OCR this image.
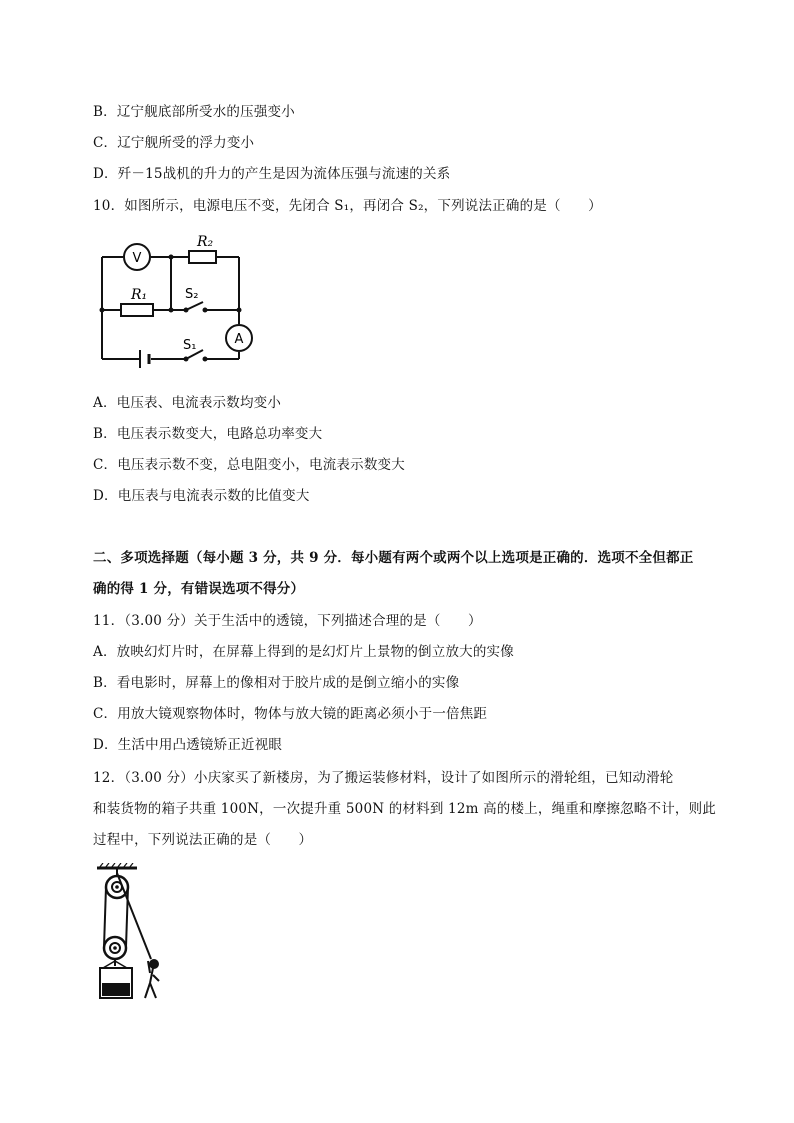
B．辽宁舰底部所受水的压强变小
C．辽宁舰所受的浮力变小
D．歼－15战机的升力的产生是因为流体压强与流速的关系
10．如图所示，电源电压不变，先闭合 S₁，再闭合 S₂，下列说法正确的是（　　）
V
R₂
R₁	S₂
A
S₁
A．电压表、电流表示数均变小
B．电压表示数变大，电路总功率变大
C．电压表示数不变，总电阻变小，电流表示数变大
D．电压表与电流表示数的比值变大
二、多项选择题（每小题 3 分，共 9 分．每小题有两个或两个以上选项是正确的．选项不全但都正
确的得 1 分，有错误选项不得分）
11．（3.00 分）关于生活中的透镜，下列描述合理的是（　　）
A．放映幻灯片时，在屏幕上得到的是幻灯片上景物的倒立放大的实像
B．看电影时，屏幕上的像相对于胶片成的是倒立缩小的实像
C．用放大镜观察物体时，物体与放大镜的距离必须小于一倍焦距
D．生活中用凸透镜矫正近视眼
12．（3.00 分）小庆家买了新楼房，为了搬运装修材料，设计了如图所示的滑轮组，已知动滑轮
和装货物的箱子共重 100N，一次提升重 500N 的材料到 12m 高的楼上，绳重和摩擦忽略不计，则此
过程中，下列说法正确的是（　　）
